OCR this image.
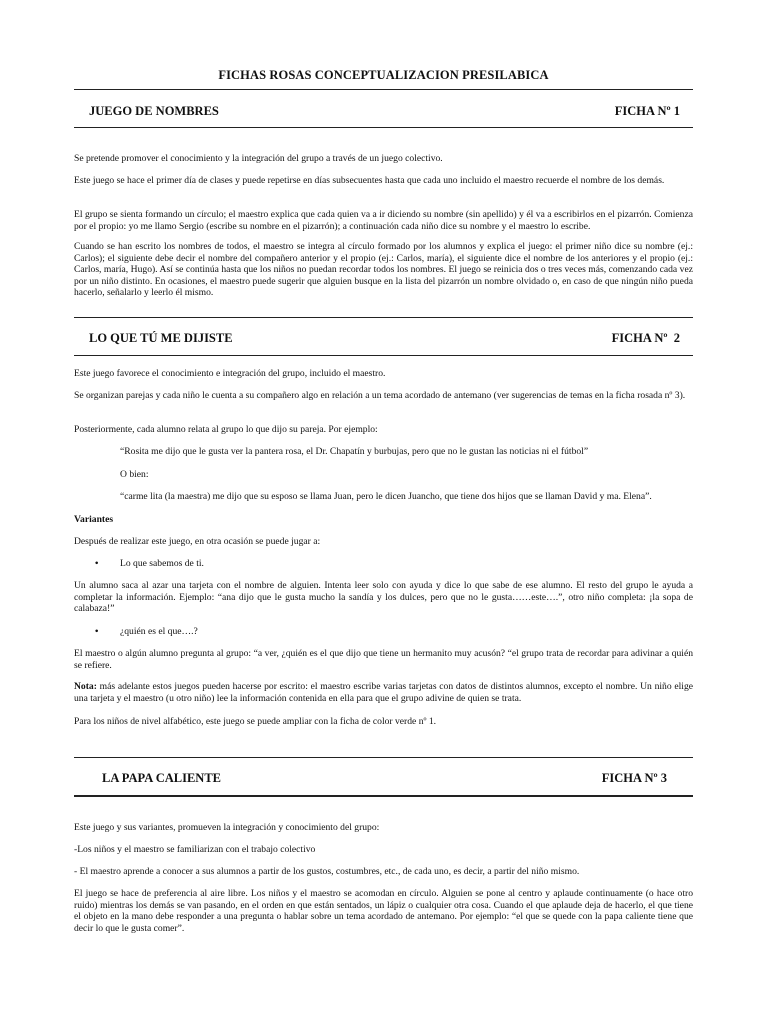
FICHAS ROSAS CONCEPTUALIZACION PRESILABICA
JUEGO DE NOMBRES	FICHA Nº 1

Se pretende promover el conocimiento y la integración del grupo a través de un juego colectivo.

Este juego se hace el primer día de clases y puede repetirse en días subsecuentes hasta que cada uno incluido el maestro recuerde el nombre de los demás.

El grupo se sienta formando un círculo; el maestro explica que cada quien va a ir diciendo su nombre (sin apellido) y él va a escribirlos en el pizarrón. Comienza por el propio: yo me llamo Sergio (escribe su nombre en el pizarrón); a continuación cada niño dice su nombre y el maestro lo escribe.

Cuando se han escrito los nombres de todos, el maestro se integra al círculo formado por los alumnos y explica el juego: el primer niño dice su nombre (ej.: Carlos); el siguiente debe decir el nombre del compañero anterior y el propio (ej.: Carlos, maría), el siguiente dice el nombre de los anteriores y el propio (ej.: Carlos, maría, Hugo). Así se continúa hasta que los niños no puedan recordar todos los nombres. El juego se reinicia dos o tres veces más, comenzando cada vez por un niño distinto. En ocasiones, el maestro puede sugerir que alguien busque en la lista del pizarrón un nombre olvidado o, en caso de que ningún niño pueda hacerlo, señalarlo y leerlo él mismo.

LO QUE TÚ ME DIJISTE	FICHA Nº  2

Este juego favorece el conocimiento e integración del grupo, incluido el maestro.

Se organizan parejas y cada niño le cuenta a su compañero algo en relación a un tema acordado de antemano (ver sugerencias de temas en la ficha rosada nº 3).

Posteriormente, cada alumno relata al grupo lo que dijo su pareja. Por ejemplo:

“Rosita me dijo que le gusta ver la pantera rosa, el Dr. Chapatín y burbujas, pero que no le gustan las noticias ni el fútbol”

O bien:

“carme lita (la maestra) me dijo que su esposo se llama Juan, pero le dicen Juancho, que tiene dos hijos que se llaman David y ma. Elena”.

Variantes

Después de realizar este juego, en otra ocasión se puede jugar a:

• Lo que sabemos de ti.

Un alumno saca al azar una tarjeta con el nombre de alguien. Intenta leer solo con ayuda y dice lo que sabe de ese alumno. El resto del grupo le ayuda a completar la información. Ejemplo: “ana dijo que le gusta mucho la sandía y los dulces, pero que no le gusta……este….”, otro niño completa: ¡la sopa de calabaza!”

• ¿quién es el que….?

El maestro o algún alumno pregunta al grupo: “a ver, ¿quién es el que dijo que tiene un hermanito muy acusón? “el grupo trata de recordar para adivinar a quién se refiere.

Nota: más adelante estos juegos pueden hacerse por escrito: el maestro escribe varias tarjetas con datos de distintos alumnos, excepto el nombre. Un niño elige una tarjeta y el maestro (u otro niño) lee la información contenida en ella para que el grupo adivine de quien se trata.

Para los niños de nivel alfabético, este juego se puede ampliar con la ficha de color verde nº 1.

LA PAPA CALIENTE	FICHA Nº 3

Este juego y sus variantes, promueven la integración y conocimiento del grupo:

-Los niños y el maestro se familiarizan con el trabajo colectivo

- El maestro aprende a conocer a sus alumnos a partir de los gustos, costumbres, etc., de cada uno, es decir, a partir del niño mismo.

El juego se hace de preferencia al aire libre. Los niños y el maestro se acomodan en círculo. Alguien se pone al centro y aplaude continuamente (o hace otro ruido) mientras los demás se van pasando, en el orden en que están sentados, un lápiz o cualquier otra cosa. Cuando el que aplaude deja de hacerlo, el que tiene el objeto en la mano debe responder a una pregunta o hablar sobre un tema acordado de antemano. Por ejemplo: “el que se quede con la papa caliente tiene que decir lo que le gusta comer”.
